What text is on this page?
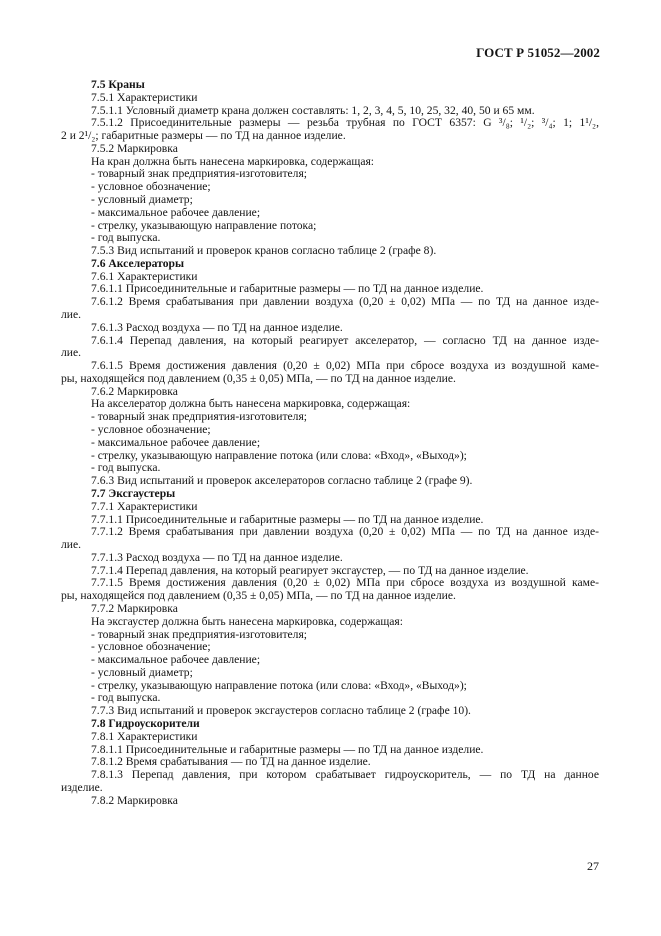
ГОСТ Р 51052—2002
7.5 Краны
7.5.1 Характеристики
7.5.1.1 Условный диаметр крана должен составлять: 1, 2, 3, 4, 5, 10, 25, 32, 40, 50 и 65 мм.
7.5.1.2 Присоединительные размеры — резьба трубная по ГОСТ 6357: G ³/₈; ¹/₂; ³/₄; 1; 1¹/₂,
2 и 2¹/₂; габаритные размеры — по ТД на данное изделие.
7.5.2 Маркировка
На кран должна быть нанесена маркировка, содержащая:
- товарный знак предприятия-изготовителя;
- условное обозначение;
- условный диаметр;
- максимальное рабочее давление;
- стрелку, указывающую направление потока;
- год выпуска.
7.5.3 Вид испытаний и проверок кранов согласно таблице 2 (графе 8).
7.6 Акселераторы
7.6.1 Характеристики
7.6.1.1 Присоединительные и габаритные размеры — по ТД на данное изделие.
7.6.1.2 Время срабатывания при давлении воздуха (0,20 ± 0,02) МПа — по ТД на данное изде-
лие.
7.6.1.3 Расход воздуха — по ТД на данное изделие.
7.6.1.4 Перепад давления, на который реагирует акселератор, — согласно ТД на данное изде-
лие.
7.6.1.5 Время достижения давления (0,20 ± 0,02) МПа при сбросе воздуха из воздушной каме-
ры, находящейся под давлением (0,35 ± 0,05) МПа, — по ТД на данное изделие.
7.6.2 Маркировка
На акселератор должна быть нанесена маркировка, содержащая:
- товарный знак предприятия-изготовителя;
- условное обозначение;
- максимальное рабочее давление;
- стрелку, указывающую направление потока (или слова: «Вход», «Выход»);
- год выпуска.
7.6.3 Вид испытаний и проверок акселераторов согласно таблице 2 (графе 9).
7.7 Эксгаустеры
7.7.1 Характеристики
7.7.1.1 Присоединительные и габаритные размеры — по ТД на данное изделие.
7.7.1.2 Время срабатывания при давлении воздуха (0,20 ± 0,02) МПа — по ТД на данное изде-
лие.
7.7.1.3 Расход воздуха — по ТД на данное изделие.
7.7.1.4 Перепад давления, на который реагирует эксгаустер, — по ТД на данное изделие.
7.7.1.5 Время достижения давления (0,20 ± 0,02) МПа при сбросе воздуха из воздушной каме-
ры, находящейся под давлением (0,35 ± 0,05) МПа, — по ТД на данное изделие.
7.7.2 Маркировка
На эксгаустер должна быть нанесена маркировка, содержащая:
- товарный знак предприятия-изготовителя;
- условное обозначение;
- максимальное рабочее давление;
- условный диаметр;
- стрелку, указывающую направление потока (или слова: «Вход», «Выход»);
- год выпуска.
7.7.3 Вид испытаний и проверок эксгаустеров согласно таблице 2 (графе 10).
7.8 Гидроускорители
7.8.1 Характеристики
7.8.1.1 Присоединительные и габаритные размеры — по ТД на данное изделие.
7.8.1.2 Время срабатывания — по ТД на данное изделие.
7.8.1.3 Перепад давления, при котором срабатывает гидроускоритель, — по ТД на данное
изделие.
7.8.2 Маркировка
27
